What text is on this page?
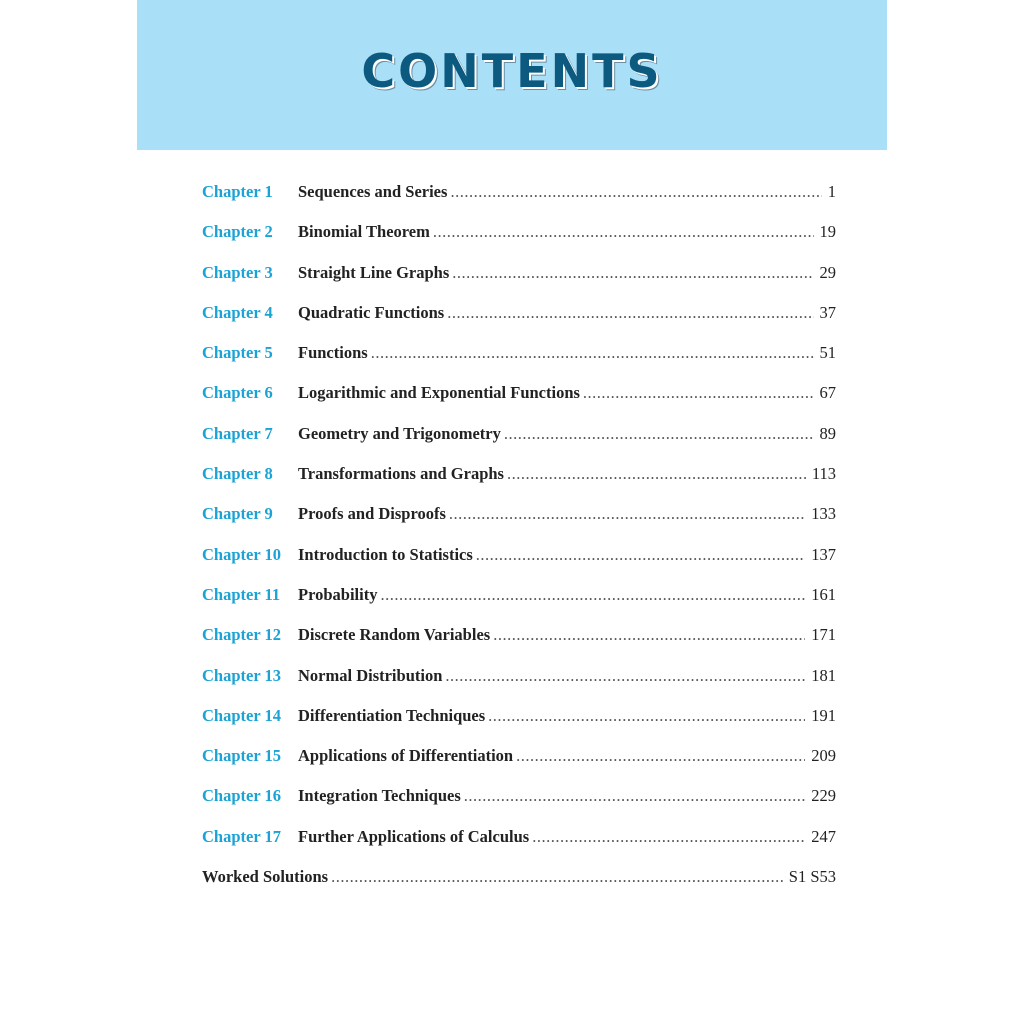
CONTENTS
Chapter 1	Sequences and Series .....	1
Chapter 2	Binomial Theorem .....	19
Chapter 3	Straight Line Graphs .....	29
Chapter 4	Quadratic Functions .....	37
Chapter 5	Functions .....	51
Chapter 6	Logarithmic and Exponential Functions .....	67
Chapter 7	Geometry and Trigonometry .....	89
Chapter 8	Transformations and Graphs .....	113
Chapter 9	Proofs and Disproofs .....	133
Chapter 10	Introduction to Statistics .....	137
Chapter 11	Probability .....	161
Chapter 12	Discrete Random Variables .....	171
Chapter 13	Normal Distribution .....	181
Chapter 14	Differentiation Techniques .....	191
Chapter 15	Applications of Differentiation .....	209
Chapter 16	Integration Techniques .....	229
Chapter 17	Further Applications of Calculus .....	247
Worked Solutions .....	S1 S53
